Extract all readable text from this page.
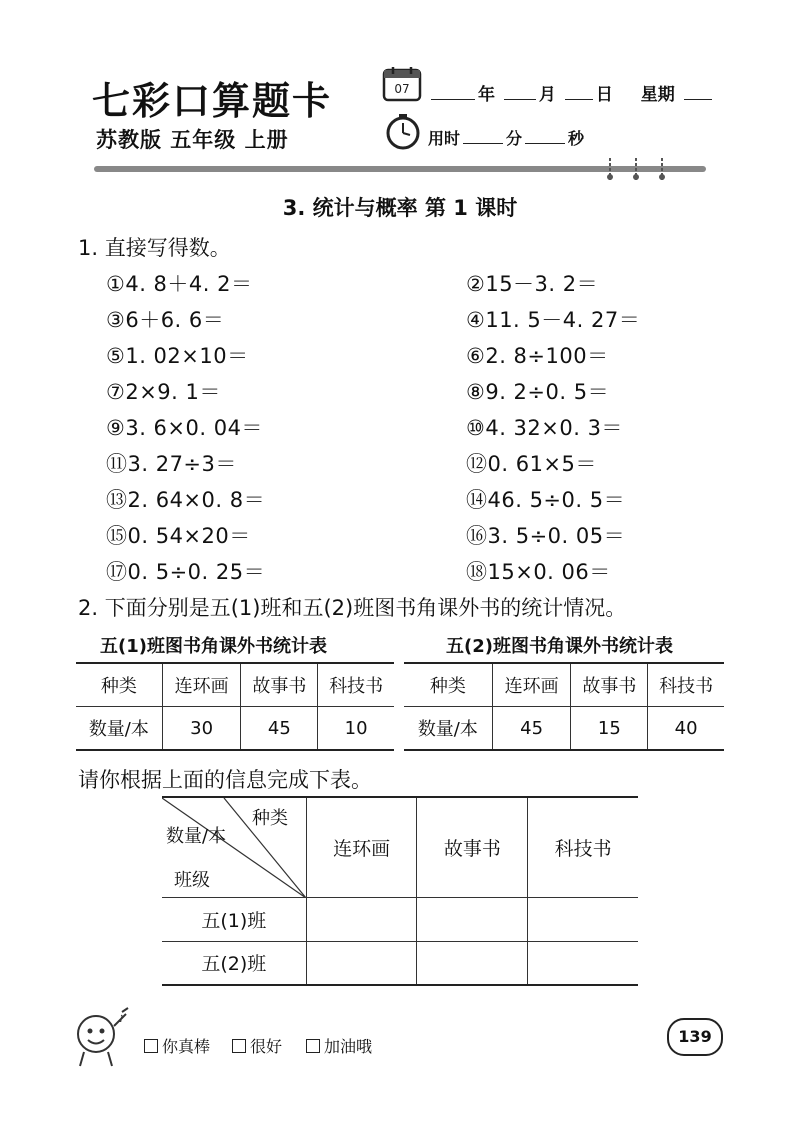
七彩口算题卡
苏教版 五年级 上册
07	年	月 日 星期
用时	分	秒
3. 统计与概率 第 1 课时
1. 直接写得数。
①4. 8＋4. 2＝	②15－3. 2＝
③6＋6. 6＝	④11. 5－4. 27＝
⑤1. 02×10＝	⑥2. 8÷100＝
⑦2×9. 1＝	⑧9. 2÷0. 5＝
⑨3. 6×0. 04＝	⑩4. 32×0. 3＝
⑪3. 27÷3＝	⑫0. 61×5＝
⑬2. 64×0. 8＝	⑭46. 5÷0. 5＝
⑮0. 54×20＝	⑯3. 5÷0. 05＝
⑰0. 5÷0. 25＝	⑱15×0. 06＝
2. 下面分别是五(1)班和五(2)班图书角课外书的统计情况。
五(1)班图书角课外书统计表	五(2)班图书角课外书统计表
种类	连环画	故事书	科技书
数量/本	30	45	10
种类	连环画	故事书	科技书
数量/本	45	15	40
请你根据上面的信息完成下表。
种类
数量/本
班级	连环画	故事书	科技书
五(1)班			
五(2)班			
♪
你真棒	很好	加油哦
139
